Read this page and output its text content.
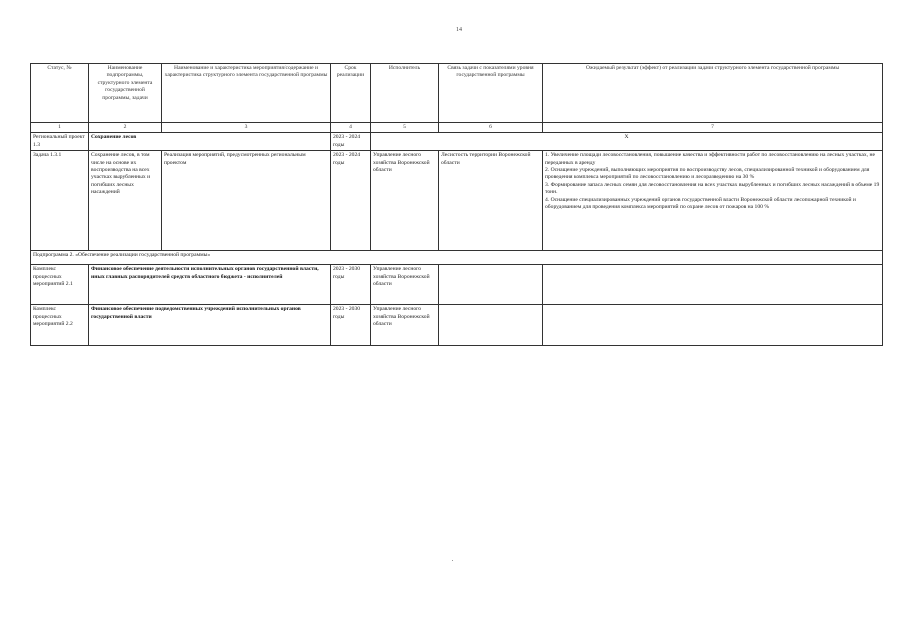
14
Статус, №	Наименование подпрограммы, структурного элемента государственной программы, задачи	Наименование и характеристика мероприятия/содержание и характеристика структурного элемента государственной программы	Срок реализации	Исполнитель	Связь задачи с показателями уровня государственной программы	Ожидаемый результат (эффект) от реализации задачи структурного элемента государственной программы
1	2	3	4	5	6	7
Региональный проект 1.3	Сохранение лесов		2023 - 2024 годы	X		
Задача 1.3.1	Сохранение лесов, в том числе на основе их воспроизводства на всех участках вырубленных и погибших лесных насаждений	Реализация мероприятий, предусмотренных региональным проектом	2023 - 2024 годы	Управление лесного хозяйства Воронежской области	Лесистость территории Воронежской области	1. Увеличение площади лесовосстановления, повышение качества и эффективности работ по лесовосстановлению на лесных участках, не переданных в аренду
2. Оснащение учреждений, выполняющих мероприятия по воспроизводству лесов, специализированной техникой и оборудованием для проведения комплекса мероприятий по лесовосстановлению и лесоразведению на 30 %
3. Формирование запаса лесных семян для лесовосстановления на всех участках вырубленных и погибших лесных насаждений в объеме 19 тонн.
4. Оснащение специализированных учреждений органов государственной власти Воронежской области лесопожарной техникой и оборудованием для проведения комплекса мероприятий по охране лесов от пожаров на 100 %

Подпрограмма 2. «Обеспечение реализации государственной программы»						
Комплекс процессных мероприятий 2.1	Финансовое обеспечение деятельности исполнительных органов государственной власти, иных главных распорядителей средств областного бюджета - исполнителей		2023 - 2030 годы	Управление лесного хозяйства Воронежской области		
Комплекс процессных мероприятий 2.2	Финансовое обеспечение подведомственных учреждений исполнительных органов государственной власти		2023 - 2030 годы	Управление лесного хозяйства Воронежской области		
